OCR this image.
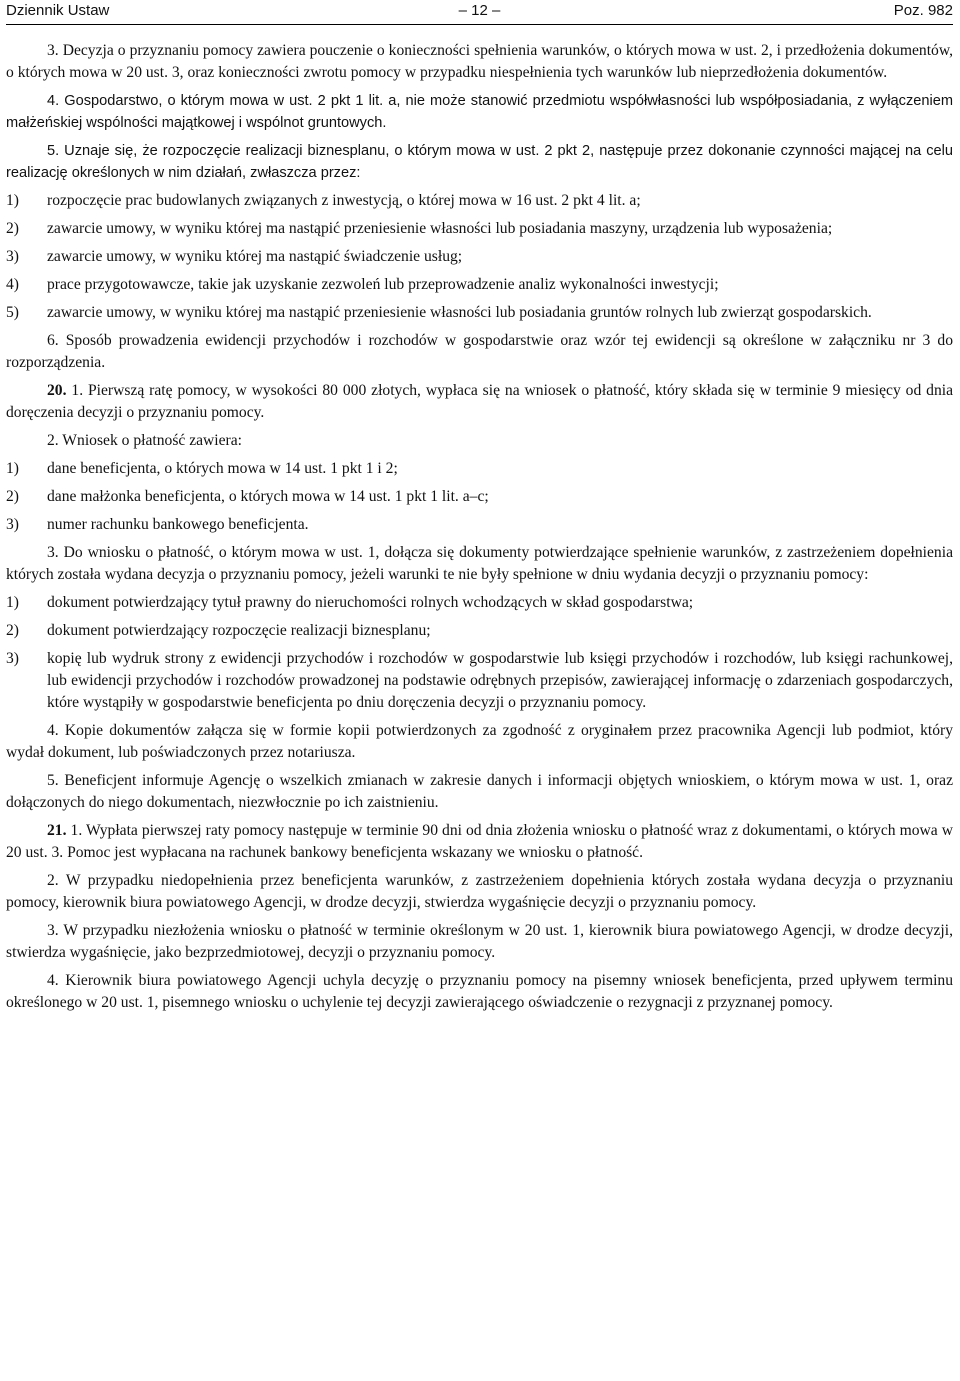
Dziennik Ustaw	– 12 –	Poz. 982

3. Decyzja o przyznaniu pomocy zawiera pouczenie o konieczności spełnienia warunków, o których mowa w ust. 2, i przedłożenia dokumentów, o których mowa w 20 ust. 3, oraz konieczności zwrotu pomocy w przypadku niespełnienia tych warunków lub nieprzedłożenia dokumentów.

4. Gospodarstwo, o którym mowa w ust. 2 pkt 1 lit. a, nie może stanowić przedmiotu współwłasności lub współposiadania, z wyłączeniem małżeńskiej wspólności majątkowej i wspólnot gruntowych.

5. Uznaje się, że rozpoczęcie realizacji biznesplanu, o którym mowa w ust. 2 pkt 2, następuje przez dokonanie czynności mającej na celu realizację określonych w nim działań, zwłaszcza przez:

1)	rozpoczęcie prac budowlanych związanych z inwestycją, o której mowa w 16 ust. 2 pkt 4 lit. a;
2)	zawarcie umowy, w wyniku której ma nastąpić przeniesienie własności lub posiadania maszyny, urządzenia lub wyposażenia;
3)	zawarcie umowy, w wyniku której ma nastąpić świadczenie usług;
4)	prace przygotowawcze, takie jak uzyskanie zezwoleń lub przeprowadzenie analiz wykonalności inwestycji;
5)	zawarcie umowy, w wyniku której ma nastąpić przeniesienie własności lub posiadania gruntów rolnych lub zwierząt gospodarskich.

6. Sposób prowadzenia ewidencji przychodów i rozchodów w gospodarstwie oraz wzór tej ewidencji są określone w załączniku nr 3 do rozporządzenia.

20. 1. Pierwszą ratę pomocy, w wysokości 80 000 złotych, wypłaca się na wniosek o płatność, który składa się w terminie 9 miesięcy od dnia doręczenia decyzji o przyznaniu pomocy.

2. Wniosek o płatność zawiera:

1)	dane beneficjenta, o których mowa w 14 ust. 1 pkt 1 i 2;
2)	dane małżonka beneficjenta, o których mowa w 14 ust. 1 pkt 1 lit. a–c;
3)	numer rachunku bankowego beneficjenta.

3. Do wniosku o płatność, o którym mowa w ust. 1, dołącza się dokumenty potwierdzające spełnienie warunków, z zastrzeżeniem dopełnienia których została wydana decyzja o przyznaniu pomocy, jeżeli warunki te nie były spełnione w dniu wydania decyzji o przyznaniu pomocy:

1)	dokument potwierdzający tytuł prawny do nieruchomości rolnych wchodzących w skład gospodarstwa;
2)	dokument potwierdzający rozpoczęcie realizacji biznesplanu;
3)	kopię lub wydruk strony z ewidencji przychodów i rozchodów w gospodarstwie lub księgi przychodów i rozchodów, lub księgi rachunkowej, lub ewidencji przychodów i rozchodów prowadzonej na podstawie odrębnych przepisów, zawierającej informację o zdarzeniach gospodarczych, które wystąpiły w gospodarstwie beneficjenta po dniu doręczenia decyzji o przyznaniu pomocy.

4. Kopie dokumentów załącza się w formie kopii potwierdzonych za zgodność z oryginałem przez pracownika Agencji lub podmiot, który wydał dokument, lub poświadczonych przez notariusza.

5. Beneficjent informuje Agencję o wszelkich zmianach w zakresie danych i informacji objętych wnioskiem, o którym mowa w ust. 1, oraz dołączonych do niego dokumentach, niezwłocznie po ich zaistnieniu.

21. 1. Wypłata pierwszej raty pomocy następuje w terminie 90 dni od dnia złożenia wniosku o płatność wraz z dokumentami, o których mowa w 20 ust. 3. Pomoc jest wypłacana na rachunek bankowy beneficjenta wskazany we wniosku o płatność.

2. W przypadku niedopełnienia przez beneficjenta warunków, z zastrzeżeniem dopełnienia których została wydana decyzja o przyznaniu pomocy, kierownik biura powiatowego Agencji, w drodze decyzji, stwierdza wygaśnięcie decyzji o przyznaniu pomocy.

3. W przypadku niezłożenia wniosku o płatność w terminie określonym w 20 ust. 1, kierownik biura powiatowego Agencji, w drodze decyzji, stwierdza wygaśnięcie, jako bezprzedmiotowej, decyzji o przyznaniu pomocy.

4. Kierownik biura powiatowego Agencji uchyla decyzję o przyznaniu pomocy na pisemny wniosek beneficjenta, przed upływem terminu określonego w 20 ust. 1, pisemnego wniosku o uchylenie tej decyzji zawierającego oświadczenie o rezygnacji z przyznanej pomocy.
